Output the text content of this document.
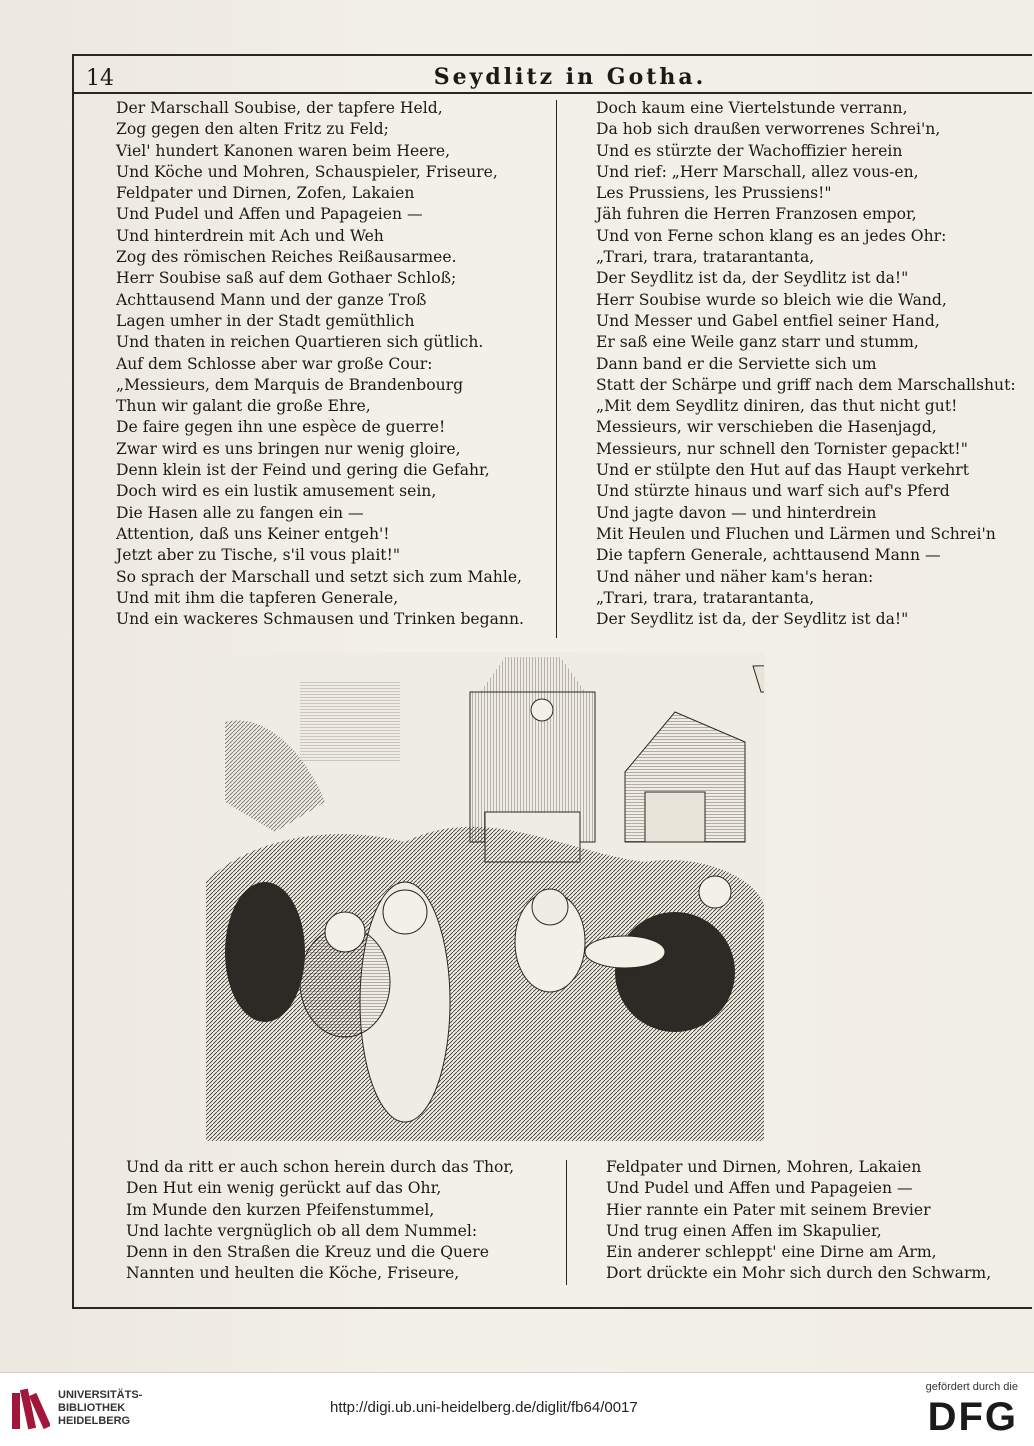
14	Seydlitz in Gotha.
Der Marschall Soubise, der tapfere Held,
Zog gegen den alten Fritz zu Feld;
Viel' hundert Kanonen waren beim Heere,
Und Köche und Mohren, Schauspieler, Friseure,
Feldpater und Dirnen, Zofen, Lakaien
Und Pudel und Affen und Papageien —
Und hinterdrein mit Ach und Weh
Zog des römischen Reiches Reißausarmee.
Herr Soubise saß auf dem Gothaer Schloß;
Achttausend Mann und der ganze Troß
Lagen umher in der Stadt gemüthlich
Und thaten in reichen Quartieren sich gütlich.
Auf dem Schlosse aber war große Cour:
„Messieurs, dem Marquis de Brandenbourg
Thun wir galant die große Ehre,
De faire gegen ihn une espèce de guerre!
Zwar wird es uns bringen nur wenig gloire,
Denn klein ist der Feind und gering die Gefahr,
Doch wird es ein lustik amusement sein,
Die Hasen alle zu fangen ein —
Attention, daß uns Keiner entgeh'!
Jetzt aber zu Tische, s'il vous plait!"
So sprach der Marschall und setzt sich zum Mahle,
Und mit ihm die tapferen Generale,
Und ein wackeres Schmausen und Trinken begann.
Doch kaum eine Viertelstunde verrann,
Da hob sich draußen verworrenes Schrei'n,
Und es stürzte der Wachoffizier herein
Und rief: „Herr Marschall, allez vous-en,
Les Prussiens, les Prussiens!"
Jäh fuhren die Herren Franzosen empor,
Und von Ferne schon klang es an jedes Ohr:
„Trari, trara, tratarantanta,
Der Seydlitz ist da, der Seydlitz ist da!"
Herr Soubise wurde so bleich wie die Wand,
Und Messer und Gabel entfiel seiner Hand,
Er saß eine Weile ganz starr und stumm,
Dann band er die Serviette sich um
Statt der Schärpe und griff nach dem Marschallshut:
„Mit dem Seydlitz diniren, das thut nicht gut!
Messieurs, wir verschieben die Hasenjagd,
Messieurs, nur schnell den Tornister gepackt!"
Und er stülpte den Hut auf das Haupt verkehrt
Und stürzte hinaus und warf sich auf's Pferd
Und jagte davon — und hinterdrein
Mit Heulen und Fluchen und Lärmen und Schrei'n
Die tapfern Generale, achttausend Mann —
Und näher und näher kam's heran:
„Trari, trara, tratarantanta,
Der Seydlitz ist da, der Seydlitz ist da!"
Und da ritt er auch schon herein durch das Thor,
Den Hut ein wenig gerückt auf das Ohr,
Im Munde den kurzen Pfeifenstummel,
Und lachte vergnüglich ob all dem Nummel:
Denn in den Straßen die Kreuz und die Quere
Nannten und heulten die Köche, Friseure,
Feldpater und Dirnen, Mohren, Lakaien
Und Pudel und Affen und Papageien —
Hier rannte ein Pater mit seinem Brevier
Und trug einen Affen im Skapulier,
Ein anderer schleppt' eine Dirne am Arm,
Dort drückte ein Mohr sich durch den Schwarm,
UNIVERSITÄTS-
BIBLIOTHEK
HEIDELBERG
http://digi.ub.uni-heidelberg.de/diglit/fb64/0017
gefördert durch die
DFG
